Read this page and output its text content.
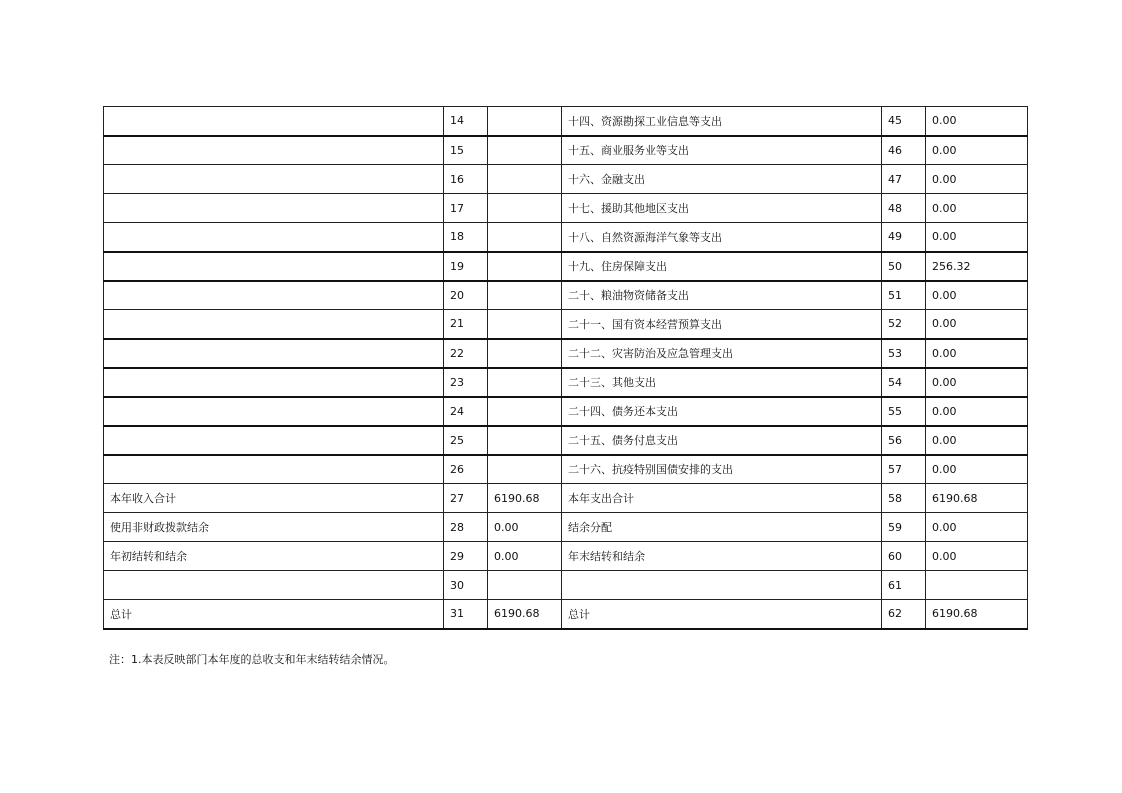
	14		十四、资源勘探工业信息等支出	45	0.00
	15		十五、商业服务业等支出	46	0.00
	16		十六、金融支出	47	0.00
	17		十七、援助其他地区支出	48	0.00
	18		十八、自然资源海洋气象等支出	49	0.00
	19		十九、住房保障支出	50	256.32
	20		二十、粮油物资储备支出	51	0.00
	21		二十一、国有资本经营预算支出	52	0.00
	22		二十二、灾害防治及应急管理支出	53	0.00
	23		二十三、其他支出	54	0.00
	24		二十四、债务还本支出	55	0.00
	25		二十五、债务付息支出	56	0.00
	26		二十六、抗疫特别国债安排的支出	57	0.00
本年收入合计	27	6190.68	本年支出合计	58	6190.68
使用非财政拨款结余	28	0.00	结余分配	59	0.00
年初结转和结余	29	0.00	年末结转和结余	60	0.00
	30			61	
总计	31	6190.68	总计	62	6190.68
注：1.本表反映部门本年度的总收支和年末结转结余情况。
